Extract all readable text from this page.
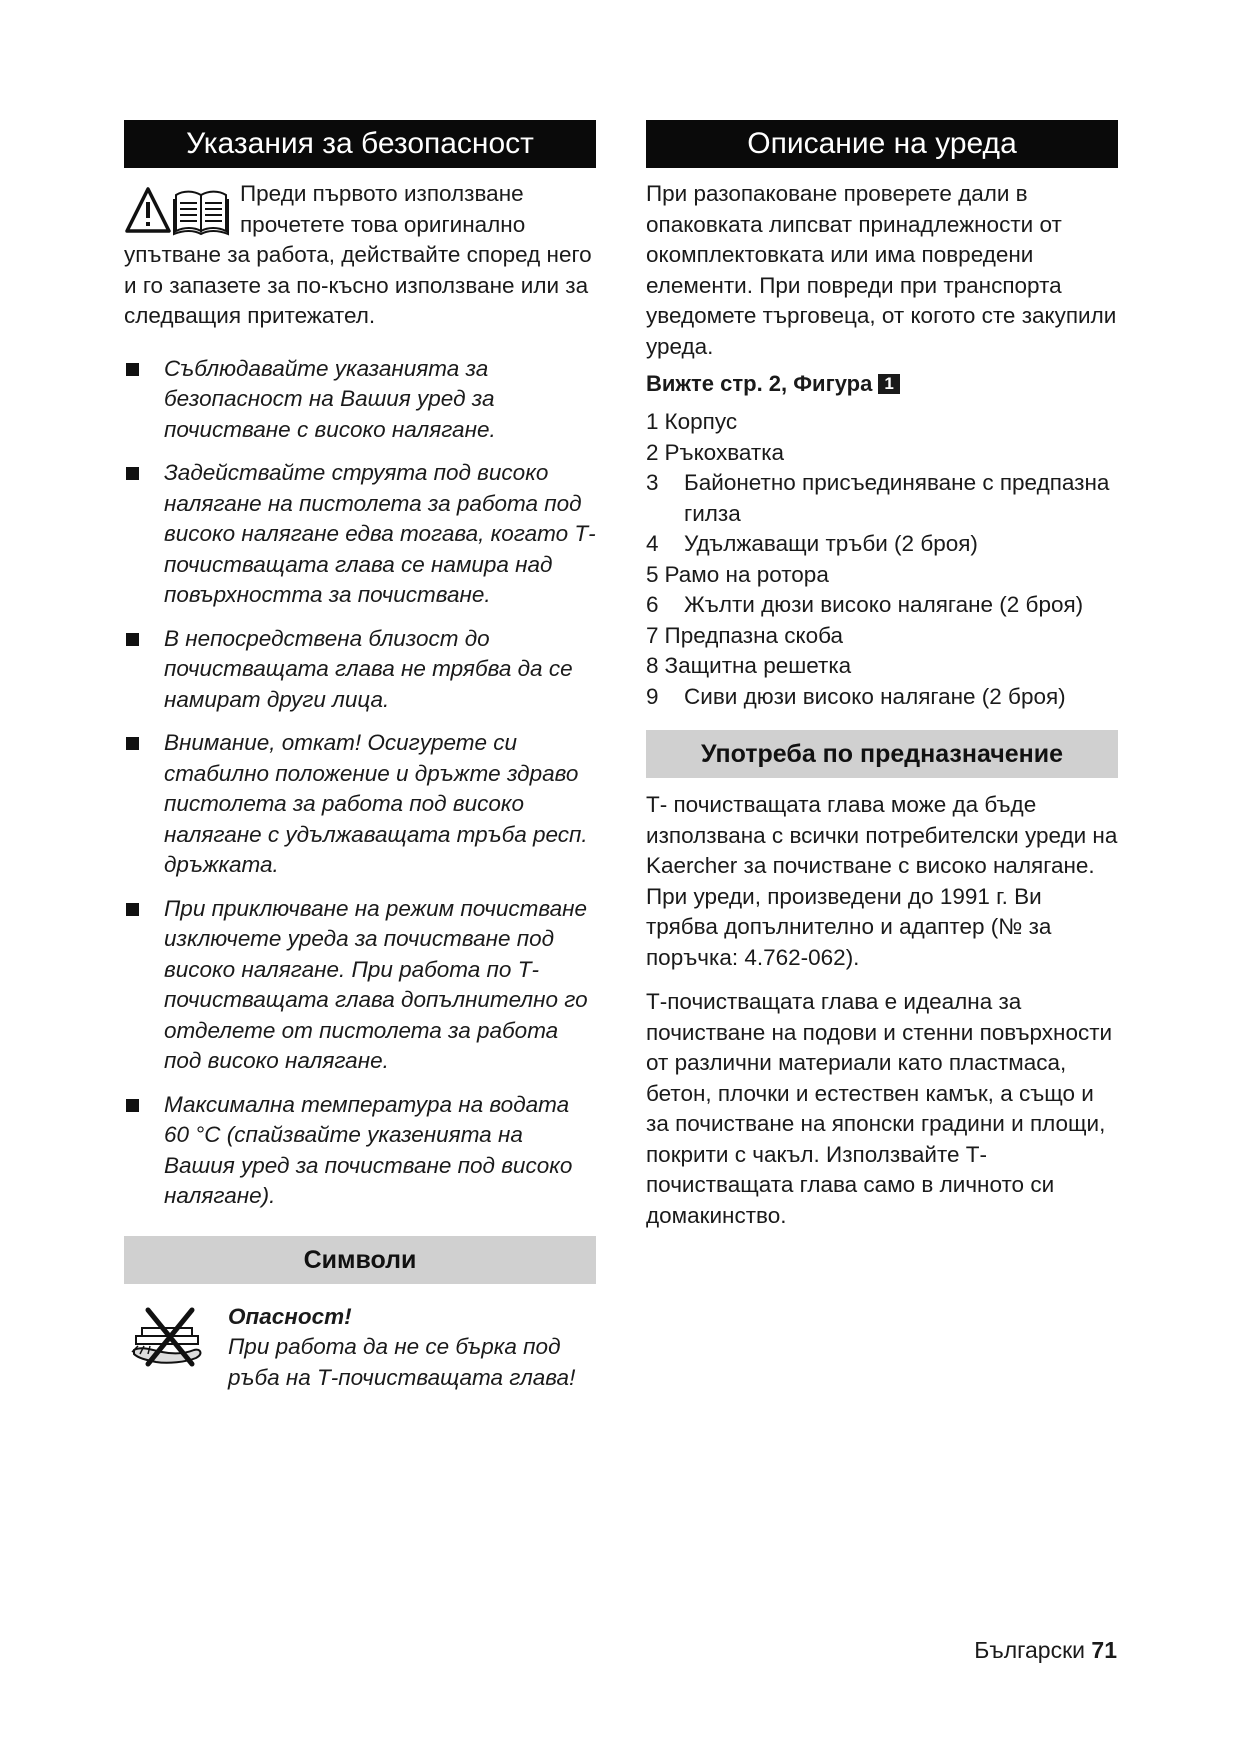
Указания за безопасност

Преди първото използване прочетете това оригинално упътване за работа, действайте според него и го запазете за по-късно използване или за следващия притежател.

Съблюдавайте указанията за безопасност на Вашия уред за почистване с високо налягане.
Задействайте струята под високо налягане на пистолета за работа под високо налягане едва тогава, когато Т-почистващата глава се намира над повърхността за почистване.
В непосредствена близост до почистващата глава не трябва да се намират други лица.
Внимание, откат! Осигурете си стабилно положение и дръжте здраво пистолета за работа под високо налягане с удължаващата тръба респ. дръжката.
При приключване на режим почистване изключете уреда за почистване под високо налягане. При работа по Т-почистващата глава допълнително го отделете от пистолета за работа под високо налягане.
Максимална температура на водата 60 °C (спайзвайте указенията на Вашия уред за почистване под високо налягане).
Символи
Опасност!
При работа да не се бърка под ръба на Т-почистващата глава!
Описание на уреда

При разопаковане проверете дали в опаковката липсват принадлежности от окомплектовката или има повредени елементи. При повреди при транспорта уведомете търговеца, от когото сте закупили уреда.

Вижте стр. 2, Фигура 1
1 Корпус
2 Ръкохватка
3 Байонетно присъединяване с предпазна гилза
4 Удължаващи тръби (2 броя)
5 Рамо на ротора
6 Жълти дюзи високо налягане (2 броя)
7 Предпазна скоба
8 Защитна решетка
9 Сиви дюзи високо налягане (2 броя)
Употреба по предназначение

Т- почистващата глава може да бъде използвана с всички потребителски уреди на Kaercher за почистване с високо налягане. При уреди, произведени до 1991 г. Ви трябва допълнително и адаптер (№ за поръчка: 4.762-062).

Т-почистващата глава е идеална за почистване на подови и стенни повърхности от различни материали като пластмаса, бетон, плочки и естествен камък, а също и за почистване на японски градини и площи, покрити с чакъл. Използвайте Т-почистващата глава само в личното си домакинство.

Български 71
